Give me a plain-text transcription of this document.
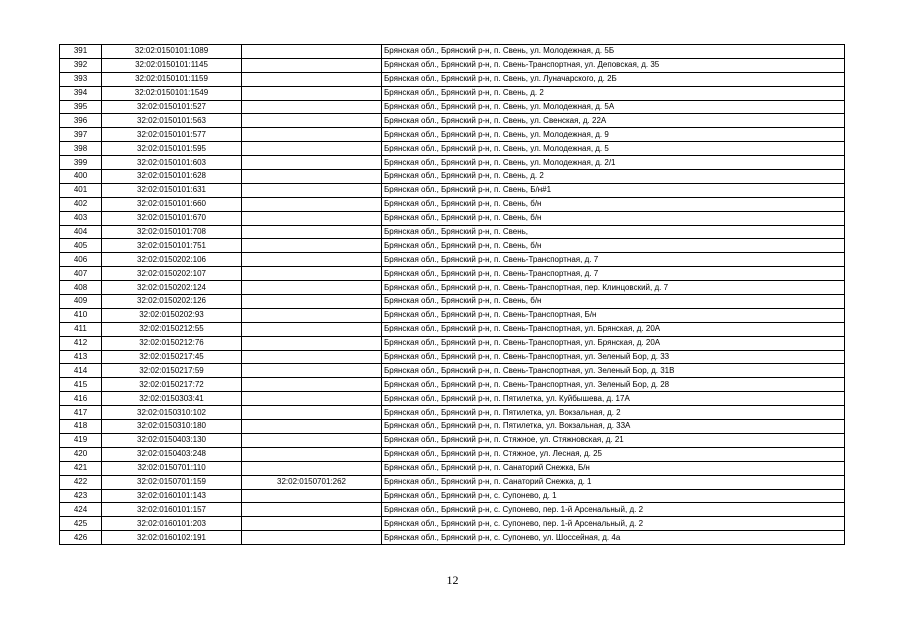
391	32:02:0150101:1089		Брянская обл., Брянский р-н, п. Свень, ул. Молодежная, д. 5Б
392	32:02:0150101:1145		Брянская обл., Брянский р-н, п. Свень-Транспортная, ул. Деповская, д. 35
393	32:02:0150101:1159		Брянская обл., Брянский р-н, п. Свень, ул. Луначарского, д. 2Б
394	32:02:0150101:1549		Брянская обл., Брянский р-н, п. Свень, д. 2
395	32:02:0150101:527		Брянская обл., Брянский р-н, п. Свень, ул. Молодежная, д. 5А
396	32:02:0150101:563		Брянская обл., Брянский р-н, п. Свень, ул. Свенская, д. 22А
397	32:02:0150101:577		Брянская обл., Брянский р-н, п. Свень, ул. Молодежная, д. 9
398	32:02:0150101:595		Брянская обл., Брянский р-н, п. Свень, ул. Молодежная, д. 5
399	32:02:0150101:603		Брянская обл., Брянский р-н, п. Свень, ул. Молодежная, д. 2/1
400	32:02:0150101:628		Брянская обл., Брянский р-н, п. Свень, д. 2
401	32:02:0150101:631		Брянская обл., Брянский р-н, п. Свень, Б/н#1
402	32:02:0150101:660		Брянская обл., Брянский р-н, п. Свень, б/н
403	32:02:0150101:670		Брянская обл., Брянский р-н, п. Свень, б/н
404	32:02:0150101:708		Брянская обл., Брянский р-н, п. Свень,
405	32:02:0150101:751		Брянская обл., Брянский р-н, п. Свень, б/н
406	32:02:0150202:106		Брянская обл., Брянский р-н, п. Свень-Транспортная, д. 7
407	32:02:0150202:107		Брянская обл., Брянский р-н, п. Свень-Транспортная, д. 7
408	32:02:0150202:124		Брянская обл., Брянский р-н, п. Свень-Транспортная, пер. Клинцовский, д. 7
409	32:02:0150202:126		Брянская обл., Брянский р-н, п. Свень, б/н
410	32:02:0150202:93		Брянская обл., Брянский р-н, п. Свень-Транспортная, Б/н
411	32:02:0150212:55		Брянская обл., Брянский р-н, п. Свень-Транспортная, ул. Брянская, д. 20А
412	32:02:0150212:76		Брянская обл., Брянский р-н, п. Свень-Транспортная, ул. Брянская, д. 20А
413	32:02:0150217:45		Брянская обл., Брянский р-н, п. Свень-Транспортная, ул. Зеленый Бор, д. 33
414	32:02:0150217:59		Брянская обл., Брянский р-н, п. Свень-Транспортная, ул. Зеленый Бор, д. 31В
415	32:02:0150217:72		Брянская обл., Брянский р-н, п. Свень-Транспортная, ул. Зеленый Бор, д. 28
416	32:02:0150303:41		Брянская обл., Брянский р-н, п. Пятилетка, ул. Куйбышева, д. 17А
417	32:02:0150310:102		Брянская обл., Брянский р-н, п. Пятилетка, ул. Вокзальная, д. 2
418	32:02:0150310:180		Брянская обл., Брянский р-н, п. Пятилетка, ул. Вокзальная, д. 33А
419	32:02:0150403:130		Брянская обл., Брянский р-н, п. Стяжное, ул. Стяжновская, д. 21
420	32:02:0150403:248		Брянская обл., Брянский р-н, п. Стяжное, ул. Лесная, д. 25
421	32:02:0150701:110		Брянская обл., Брянский р-н, п. Санаторий Снежка, Б/н
422	32:02:0150701:159	32:02:0150701:262	Брянская обл., Брянский р-н, п. Санаторий Снежка, д. 1
423	32:02:0160101:143		Брянская обл., Брянский р-н, с. Супонево, д. 1
424	32:02:0160101:157		Брянская обл., Брянский р-н, с. Супонево, пер. 1-й Арсенальный, д. 2
425	32:02:0160101:203		Брянская обл., Брянский р-н, с. Супонево, пер. 1-й Арсенальный, д. 2
426	32:02:0160102:191		Брянская обл., Брянский р-н, с. Супонево, ул. Шоссейная, д. 4а
12
